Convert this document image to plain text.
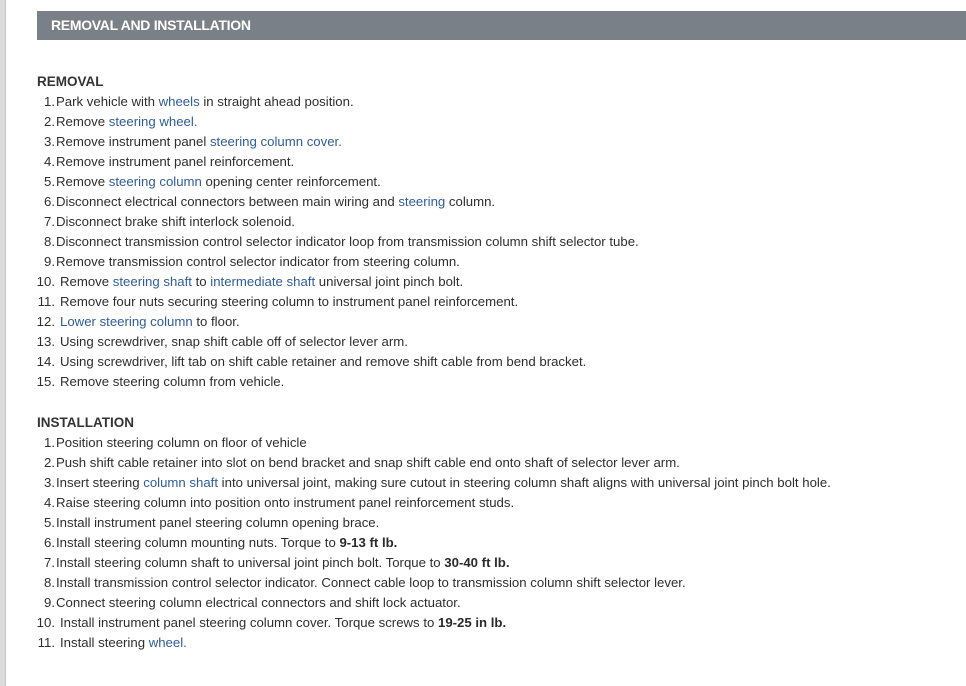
REMOVAL AND INSTALLATION
REMOVAL
1. Park vehicle with wheels in straight ahead position.
2. Remove steering wheel.
3. Remove instrument panel steering column cover.
4. Remove instrument panel reinforcement.
5. Remove steering column opening center reinforcement.
6. Disconnect electrical connectors between main wiring and steering column.
7. Disconnect brake shift interlock solenoid.
8. Disconnect transmission control selector indicator loop from transmission column shift selector tube.
9. Remove transmission control selector indicator from steering column.
10. Remove steering shaft to intermediate shaft universal joint pinch bolt.
11. Remove four nuts securing steering column to instrument panel reinforcement.
12. Lower steering column to floor.
13. Using screwdriver, snap shift cable off of selector lever arm.
14. Using screwdriver, lift tab on shift cable retainer and remove shift cable from bend bracket.
15. Remove steering column from vehicle.
INSTALLATION
1. Position steering column on floor of vehicle
2. Push shift cable retainer into slot on bend bracket and snap shift cable end onto shaft of selector lever arm.
3. Insert steering column shaft into universal joint, making sure cutout in steering column shaft aligns with universal joint pinch bolt hole.
4. Raise steering column into position onto instrument panel reinforcement studs.
5. Install instrument panel steering column opening brace.
6. Install steering column mounting nuts. Torque to 9-13 ft lb.
7. Install steering column shaft to universal joint pinch bolt. Torque to 30-40 ft lb.
8. Install transmission control selector indicator. Connect cable loop to transmission column shift selector lever.
9. Connect steering column electrical connectors and shift lock actuator.
10. Install instrument panel steering column cover. Torque screws to 19-25 in lb.
11. Install steering wheel.
